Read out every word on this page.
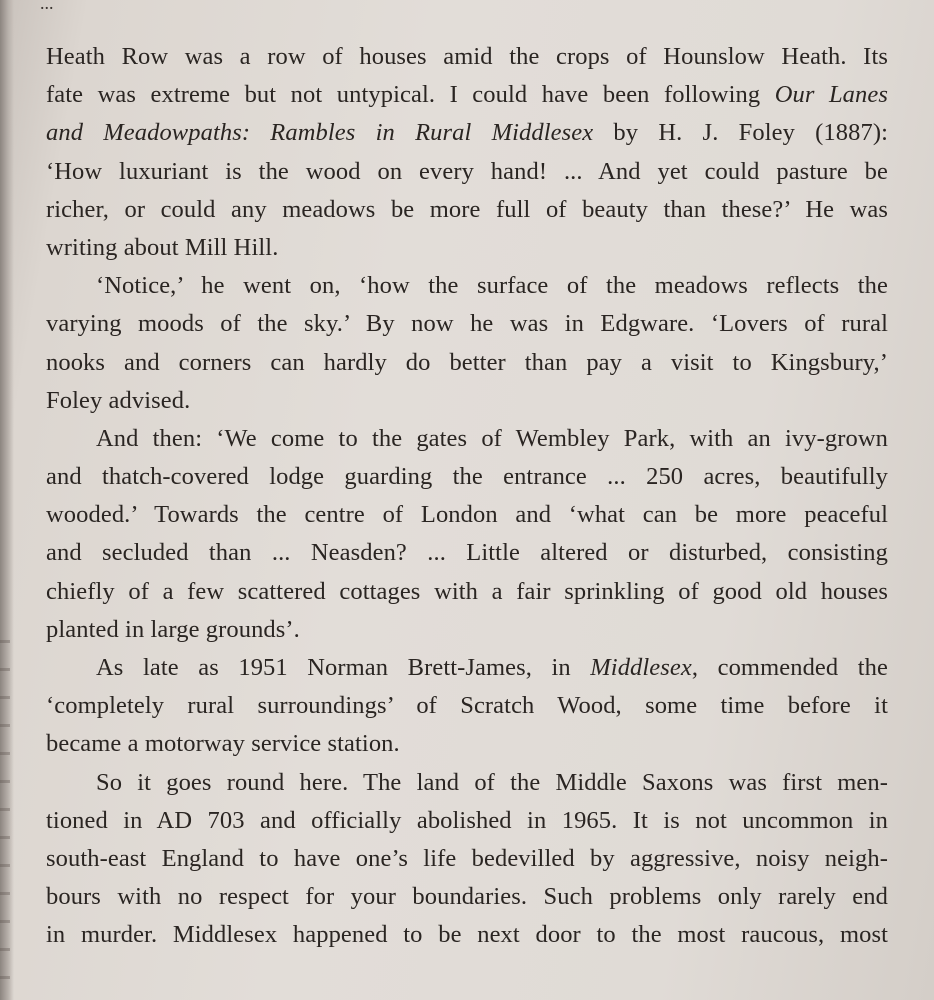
...
Heath Row was a row of houses amid the crops of Hounslow Heath. Its
fate was extreme but not untypical. I could have been following Our Lanes
and Meadowpaths: Rambles in Rural Middlesex by H. J. Foley (1887):
‘How luxuriant is the wood on every hand! ... And yet could pasture be
richer, or could any meadows be more full of beauty than these?’ He was
writing about Mill Hill.
‘Notice,’ he went on, ‘how the surface of the meadows reflects the
varying moods of the sky.’ By now he was in Edgware. ‘Lovers of rural
nooks and corners can hardly do better than pay a visit to Kingsbury,’
Foley advised.
And then: ‘We come to the gates of Wembley Park, with an ivy-grown
and thatch-covered lodge guarding the entrance ... 250 acres, beautifully
wooded.’ Towards the centre of London and ‘what can be more peaceful
and secluded than ... Neasden? ... Little altered or disturbed, consisting
chiefly of a few scattered cottages with a fair sprinkling of good old houses
planted in large grounds’.
As late as 1951 Norman Brett-James, in Middlesex, commended the
‘completely rural surroundings’ of Scratch Wood, some time before it
became a motorway service station.
So it goes round here. The land of the Middle Saxons was first men-
tioned in AD 703 and officially abolished in 1965. It is not uncommon in
south-east England to have one’s life bedevilled by aggressive, noisy neigh-
bours with no respect for your boundaries. Such problems only rarely end
in murder. Middlesex happened to be next door to the most raucous, most
